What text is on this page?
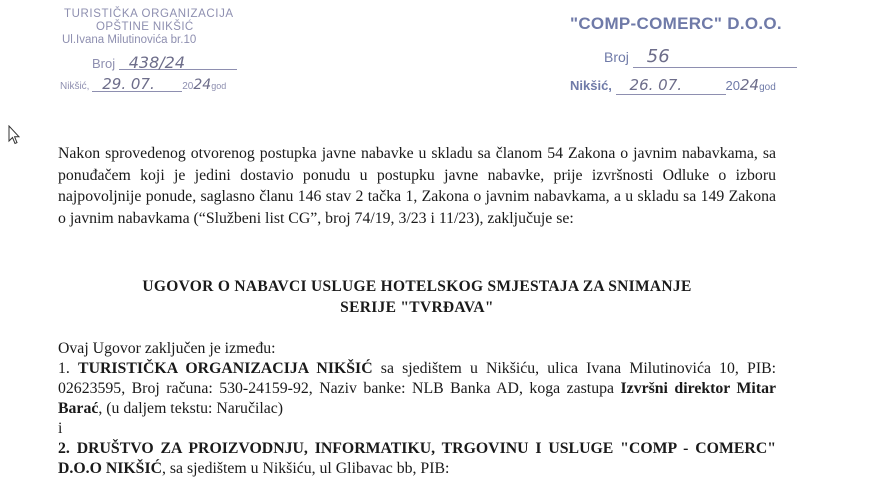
TURISTIČKA ORGANIZACIJA
OPŠTINE NIKŠIĆ
Ul.Ivana Milutinovića br.10
Broj 438/24
Nikšić, 29. 07.	2024god
"COMP-COMERC" D.O.O.
Broj 56
Nikšić, 26. 07.	2024god

Nakon sprovedenog otvorenog postupka javne nabavke u skladu sa članom 54 Zakona o javnim nabavkama, sa ponuđačem koji je jedini dostavio ponudu u postupku javne nabavke, prije izvršnosti Odluke o izboru najpovoljnije ponude, saglasno članu 146 stav 2 tačka 1, Zakona o javnim nabavkama, a u skladu sa 149 Zakona o javnim nabavkama (“Službeni list CG”, broj 74/19, 3/23 i 11/23), zaključuje se:

UGOVOR O NABAVCI USLUGE HOTELSKOG SMJESTAJA ZA SNIMANJE
SERIJE "TVRĐAVA"

Ovaj Ugovor zaključen je između:

1. TURISTIČKA ORGANIZACIJA NIKŠIĆ sa sjedištem u Nikšiću, ulica Ivana Milutinovića 10, PIB: 02623595, Broj računa: 530-24159-92, Naziv banke: NLB Banka AD, koga zastupa Izvršni direktor Mitar Barać, (u daljem tekstu: Naručilac)

i

2. DRUŠTVO ZA PROIZVODNJU, INFORMATIKU, TRGOVINU I USLUGE "COMP - COMERC" D.O.O NIKŠIĆ, sa sjedištem u Nikšiću, ul Glibavac bb, PIB:
